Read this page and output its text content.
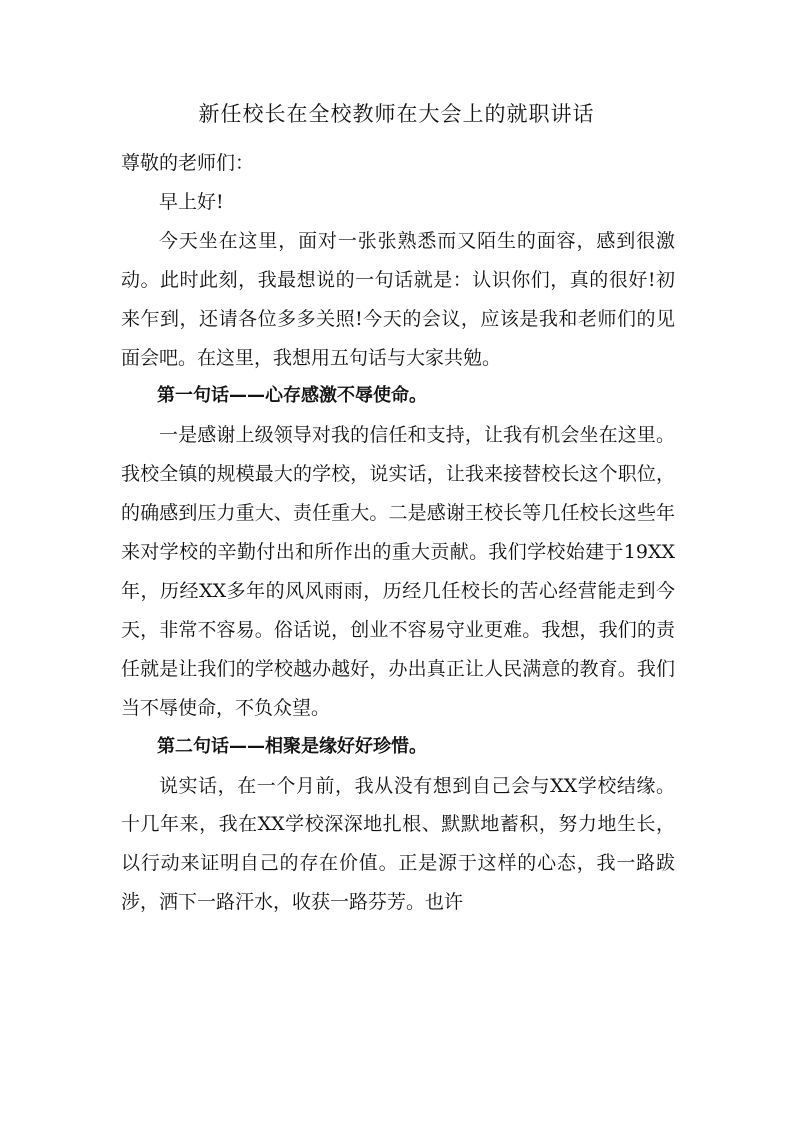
新任校长在全校教师在大会上的就职讲话

尊敬的老师们：

早上好!

今天坐在这里，面对一张张熟悉而又陌生的面容，感到很激动。此时此刻，我最想说的一句话就是：认识你们，真的很好!初来乍到，还请各位多多关照!今天的会议，应该是我和老师们的见面会吧。在这里，我想用五句话与大家共勉。

第一句话——心存感激不辱使命。

一是感谢上级领导对我的信任和支持，让我有机会坐在这里。我校全镇的规模最大的学校，说实话，让我来接替校长这个职位，的确感到压力重大、责任重大。二是感谢王校长等几任校长这些年来对学校的辛勤付出和所作出的重大贡献。我们学校始建于19XX年，历经XX多年的风风雨雨，历经几任校长的苦心经营能走到今天，非常不容易。俗话说，创业不容易守业更难。我想，我们的责任就是让我们的学校越办越好，办出真正让人民满意的教育。我们当不辱使命，不负众望。

第二句话——相聚是缘好好珍惜。

说实话，在一个月前，我从没有想到自己会与XX学校结缘。十几年来，我在XX学校深深地扎根、默默地蓄积，努力地生长，以行动来证明自己的存在价值。正是源于这样的心态，我一路跋涉，洒下一路汗水，收获一路芬芳。也许
